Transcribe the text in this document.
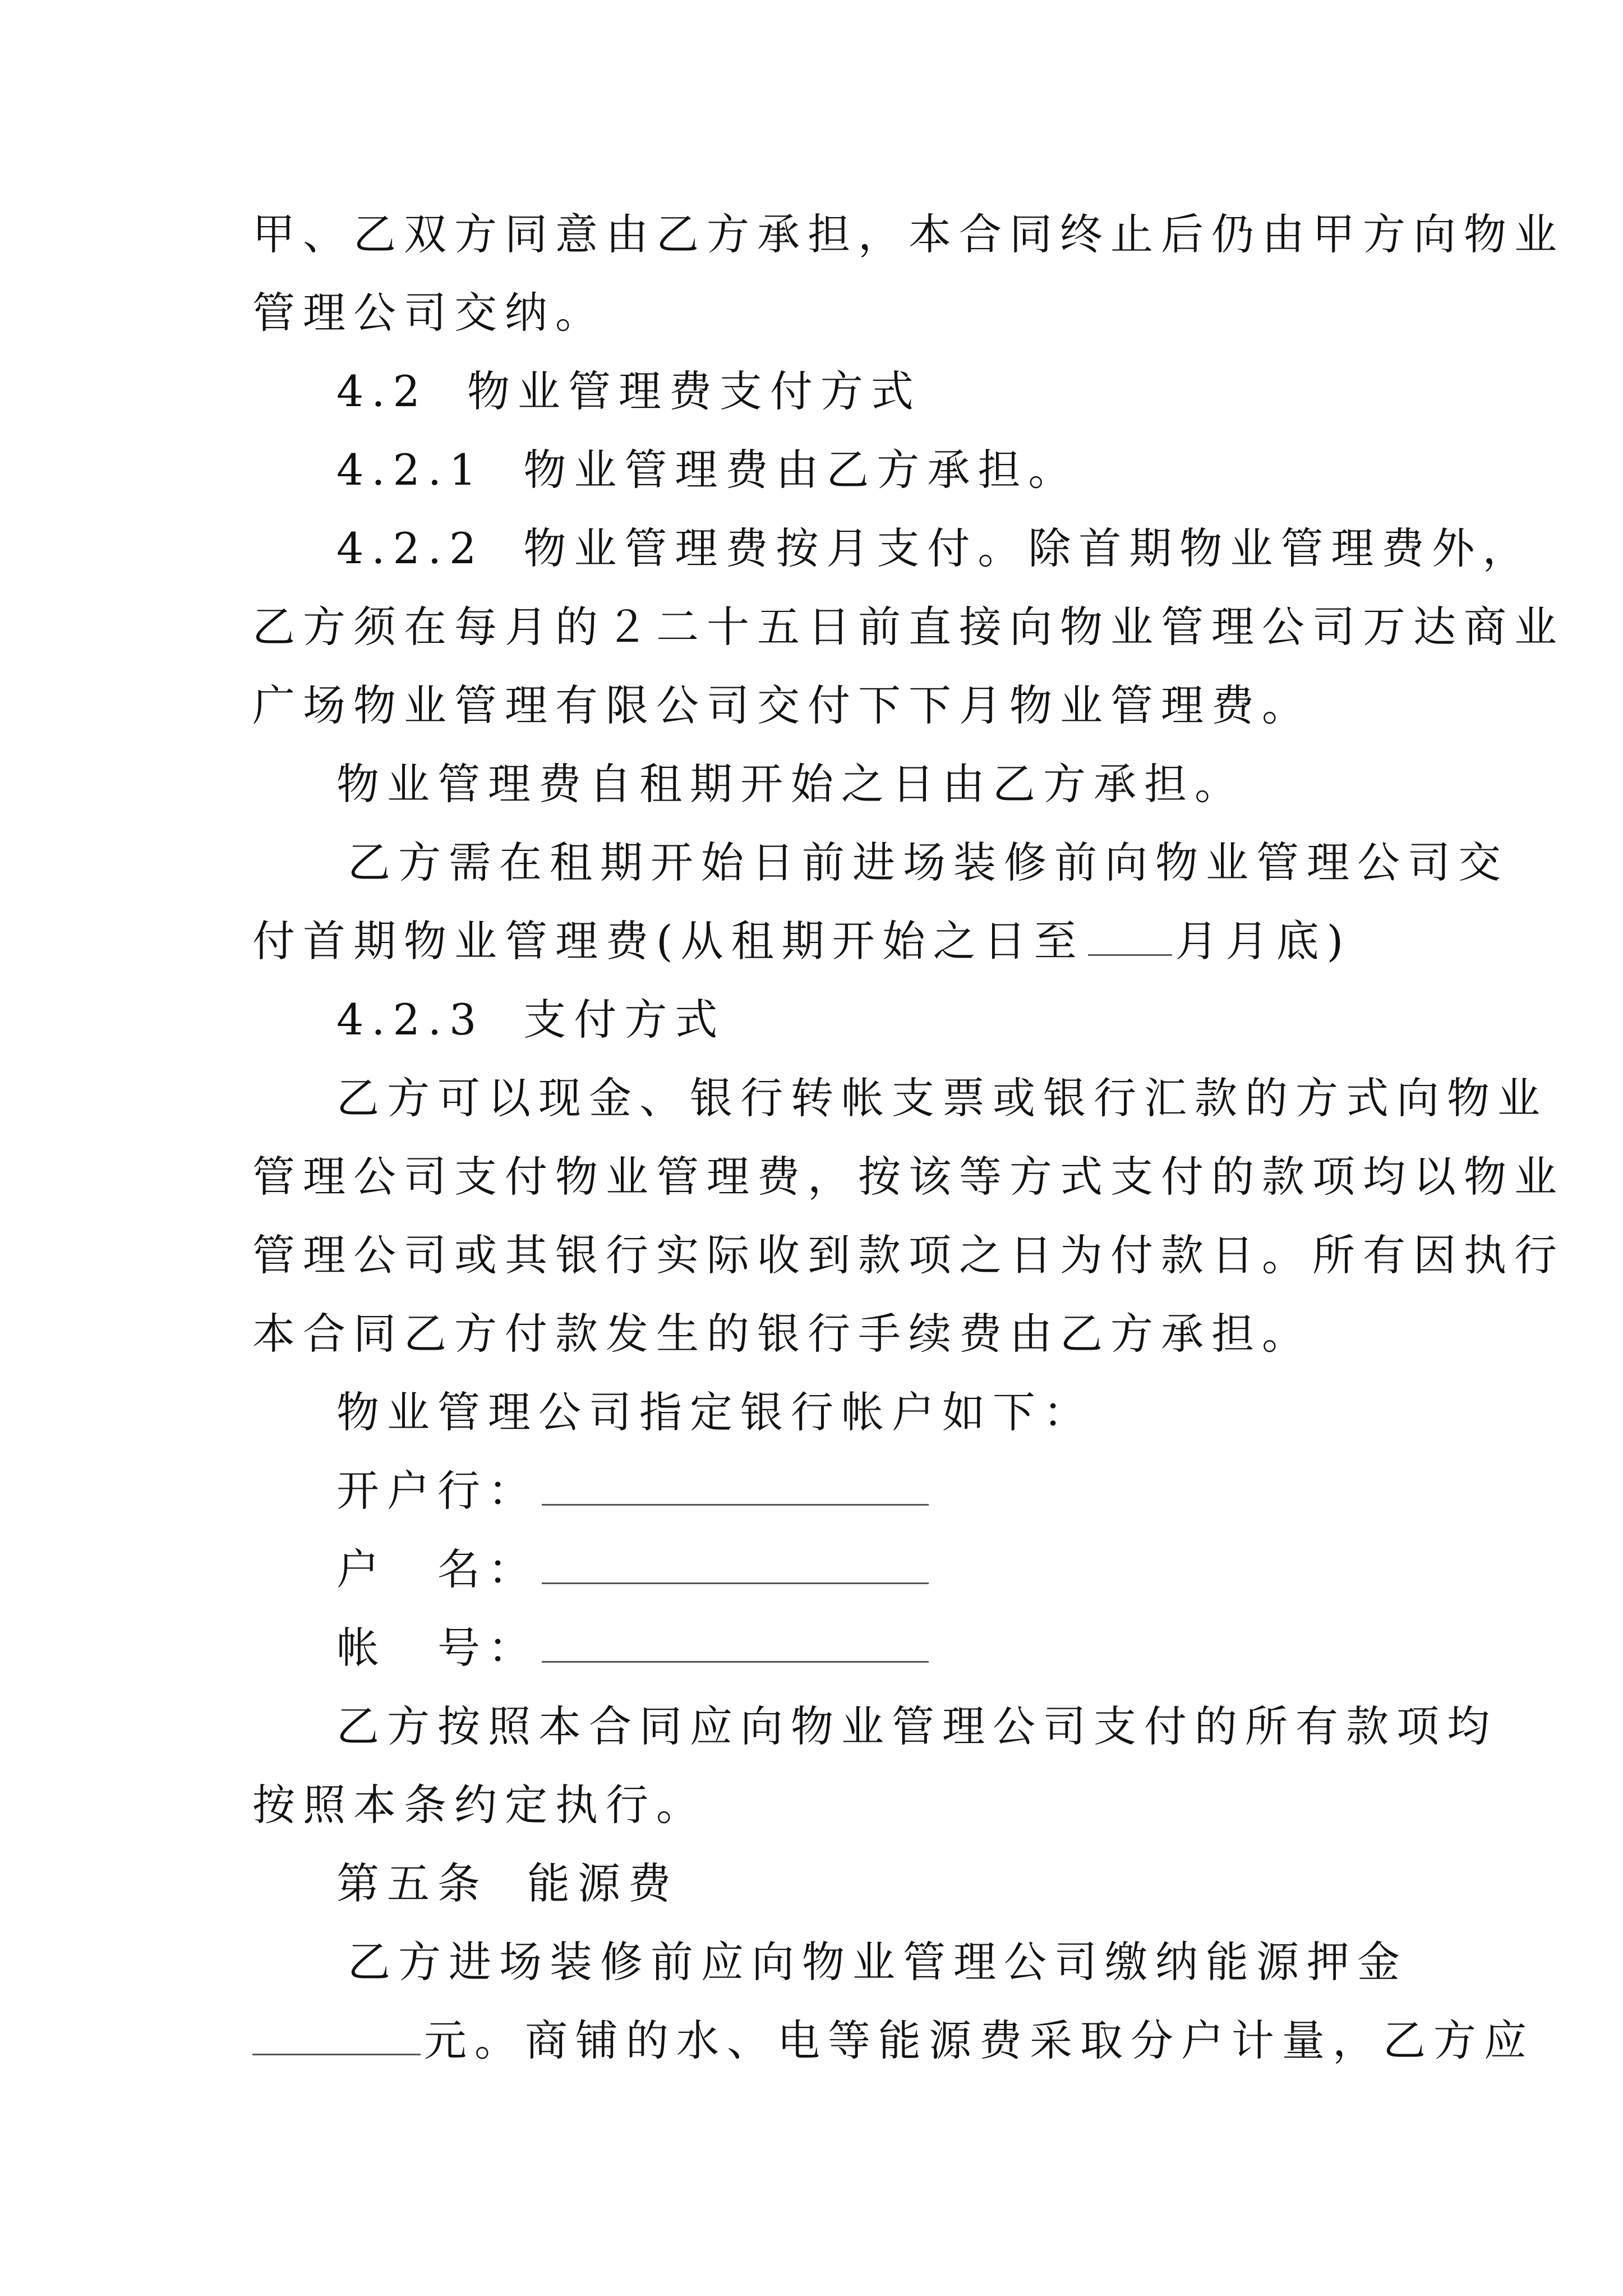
甲、乙双方同意由乙方承担，本合同终止后仍由甲方向物业
管理公司交纳。
4.2 物业管理费支付方式
4.2.1 物业管理费由乙方承担。
4.2.2 物业管理费按月支付。除首期物业管理费外，
乙方须在每月的２二十五日前直接向物业管理公司万达商业
广场物业管理有限公司交付下下月物业管理费。
物业管理费自租期开始之日由乙方承担。
乙方需在租期开始日前进场装修前向物业管理公司交
付首期物业管理费(从租期开始之日至 月月底)
4.2.3 支付方式
乙方可以现金、银行转帐支票或银行汇款的方式向物业
管理公司支付物业管理费，按该等方式支付的款项均以物业
管理公司或其银行实际收到款项之日为付款日。所有因执行
本合同乙方付款发生的银行手续费由乙方承担。
物业管理公司指定银行帐户如下：
开户行：
户　名：
帐　号：
乙方按照本合同应向物业管理公司支付的所有款项均
按照本条约定执行。
第五条 能源费
乙方进场装修前应向物业管理公司缴纳能源押金
元。商铺的水、电等能源费采取分户计量，乙方应
